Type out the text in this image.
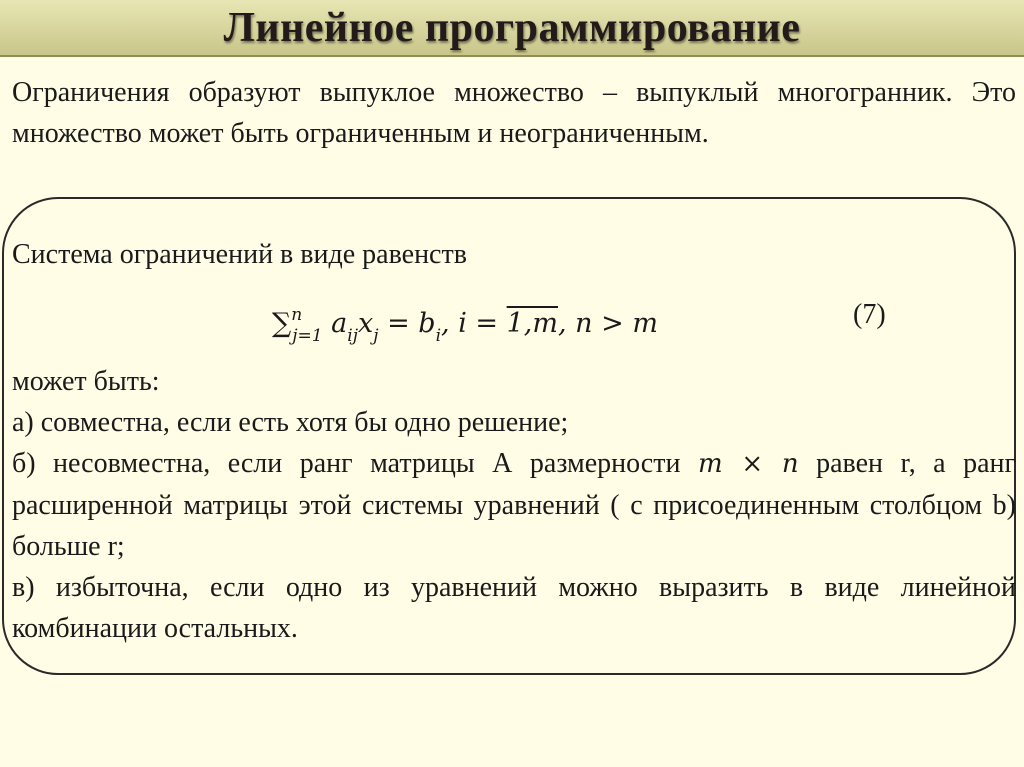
Линейное программирование

Ограничения образуют выпуклое множество – выпуклый многогранник. Это множество может быть ограниченным и неограниченным.

Система ограничений в виде равенств
∑$^n_{j=1}$ $a_{ij}x_j = b_i$, i = 1,m, n > m	(7)

может быть:

а) совместна, если есть хотя бы одно решение;

б) несовместна, если ранг матрицы А размерности m × n равен r, а ранг расширенной матрицы этой системы уравнений ( с присоединенным столбцом b) больше r;

в) избыточна, если одно из уравнений можно выразить в виде линейной комбинации остальных.
